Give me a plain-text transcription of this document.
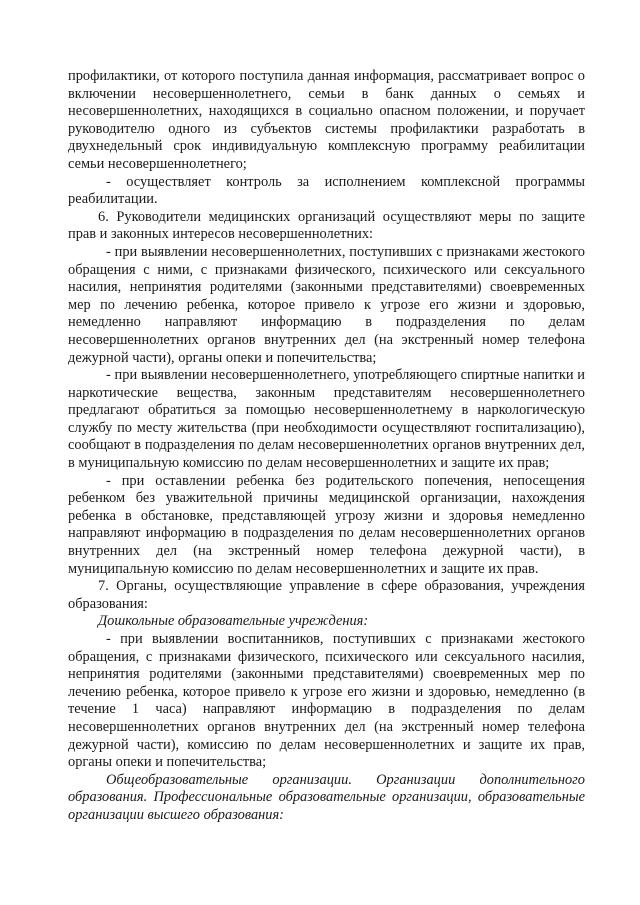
профилактики, от которого поступила данная информация, рассматривает вопрос о включении несовершеннолетнего, семьи в банк данных о семьях и несовершеннолетних, находящихся в социально опасном положении, и поручает руководителю одного из субъектов системы профилактики разработать в двухнедельный срок индивидуальную комплексную программу реабилитации семьи несовершеннолетнего;

- осуществляет контроль за исполнением комплексной программы реабилитации.

6. Руководители медицинских организаций осуществляют меры по защите прав и законных интересов несовершеннолетних:

- при выявлении несовершеннолетних, поступивших с признаками жестокого обращения с ними, с признаками физического, психического или сексуального насилия, непринятия родителями (законными представителями) своевременных мер по лечению ребенка, которое привело к угрозе его жизни и здоровью, немедленно направляют информацию в подразделения по делам несовершеннолетних органов внутренних дел (на экстренный номер телефона дежурной части), органы опеки и попечительства;

- при выявлении несовершеннолетнего, употребляющего спиртные напитки и наркотические вещества, законным представителям несовершеннолетнего предлагают обратиться за помощью несовершеннолетнему в наркологическую службу по месту жительства (при необходимости осуществляют госпитализацию), сообщают в подразделения по делам несовершеннолетних органов внутренних дел, в муниципальную комиссию по делам несовершеннолетних и защите их прав;

- при оставлении ребенка без родительского попечения, непосещения ребенком без уважительной причины медицинской организации, нахождения ребенка в обстановке, представляющей угрозу жизни и здоровья немедленно направляют информацию в подразделения по делам несовершеннолетних органов внутренних дел (на экстренный номер телефона дежурной части), в муниципальную комиссию по делам несовершеннолетних и защите их прав.

7. Органы, осуществляющие управление в сфере образования, учреждения образования:

Дошкольные образовательные учреждения:

- при выявлении воспитанников, поступивших с признаками жестокого обращения, с признаками физического, психического или сексуального насилия, непринятия родителями (законными представителями) своевременных мер по лечению ребенка, которое привело к угрозе его жизни и здоровью, немедленно (в течение 1 часа) направляют информацию в подразделения по делам несовершеннолетних органов внутренних дел (на экстренный номер телефона дежурной части), комиссию по делам несовершеннолетних и защите их прав, органы опеки и попечительства;

Общеобразовательные организации. Организации дополнительного образования. Профессиональные образовательные организации, образовательные организации высшего образования:
